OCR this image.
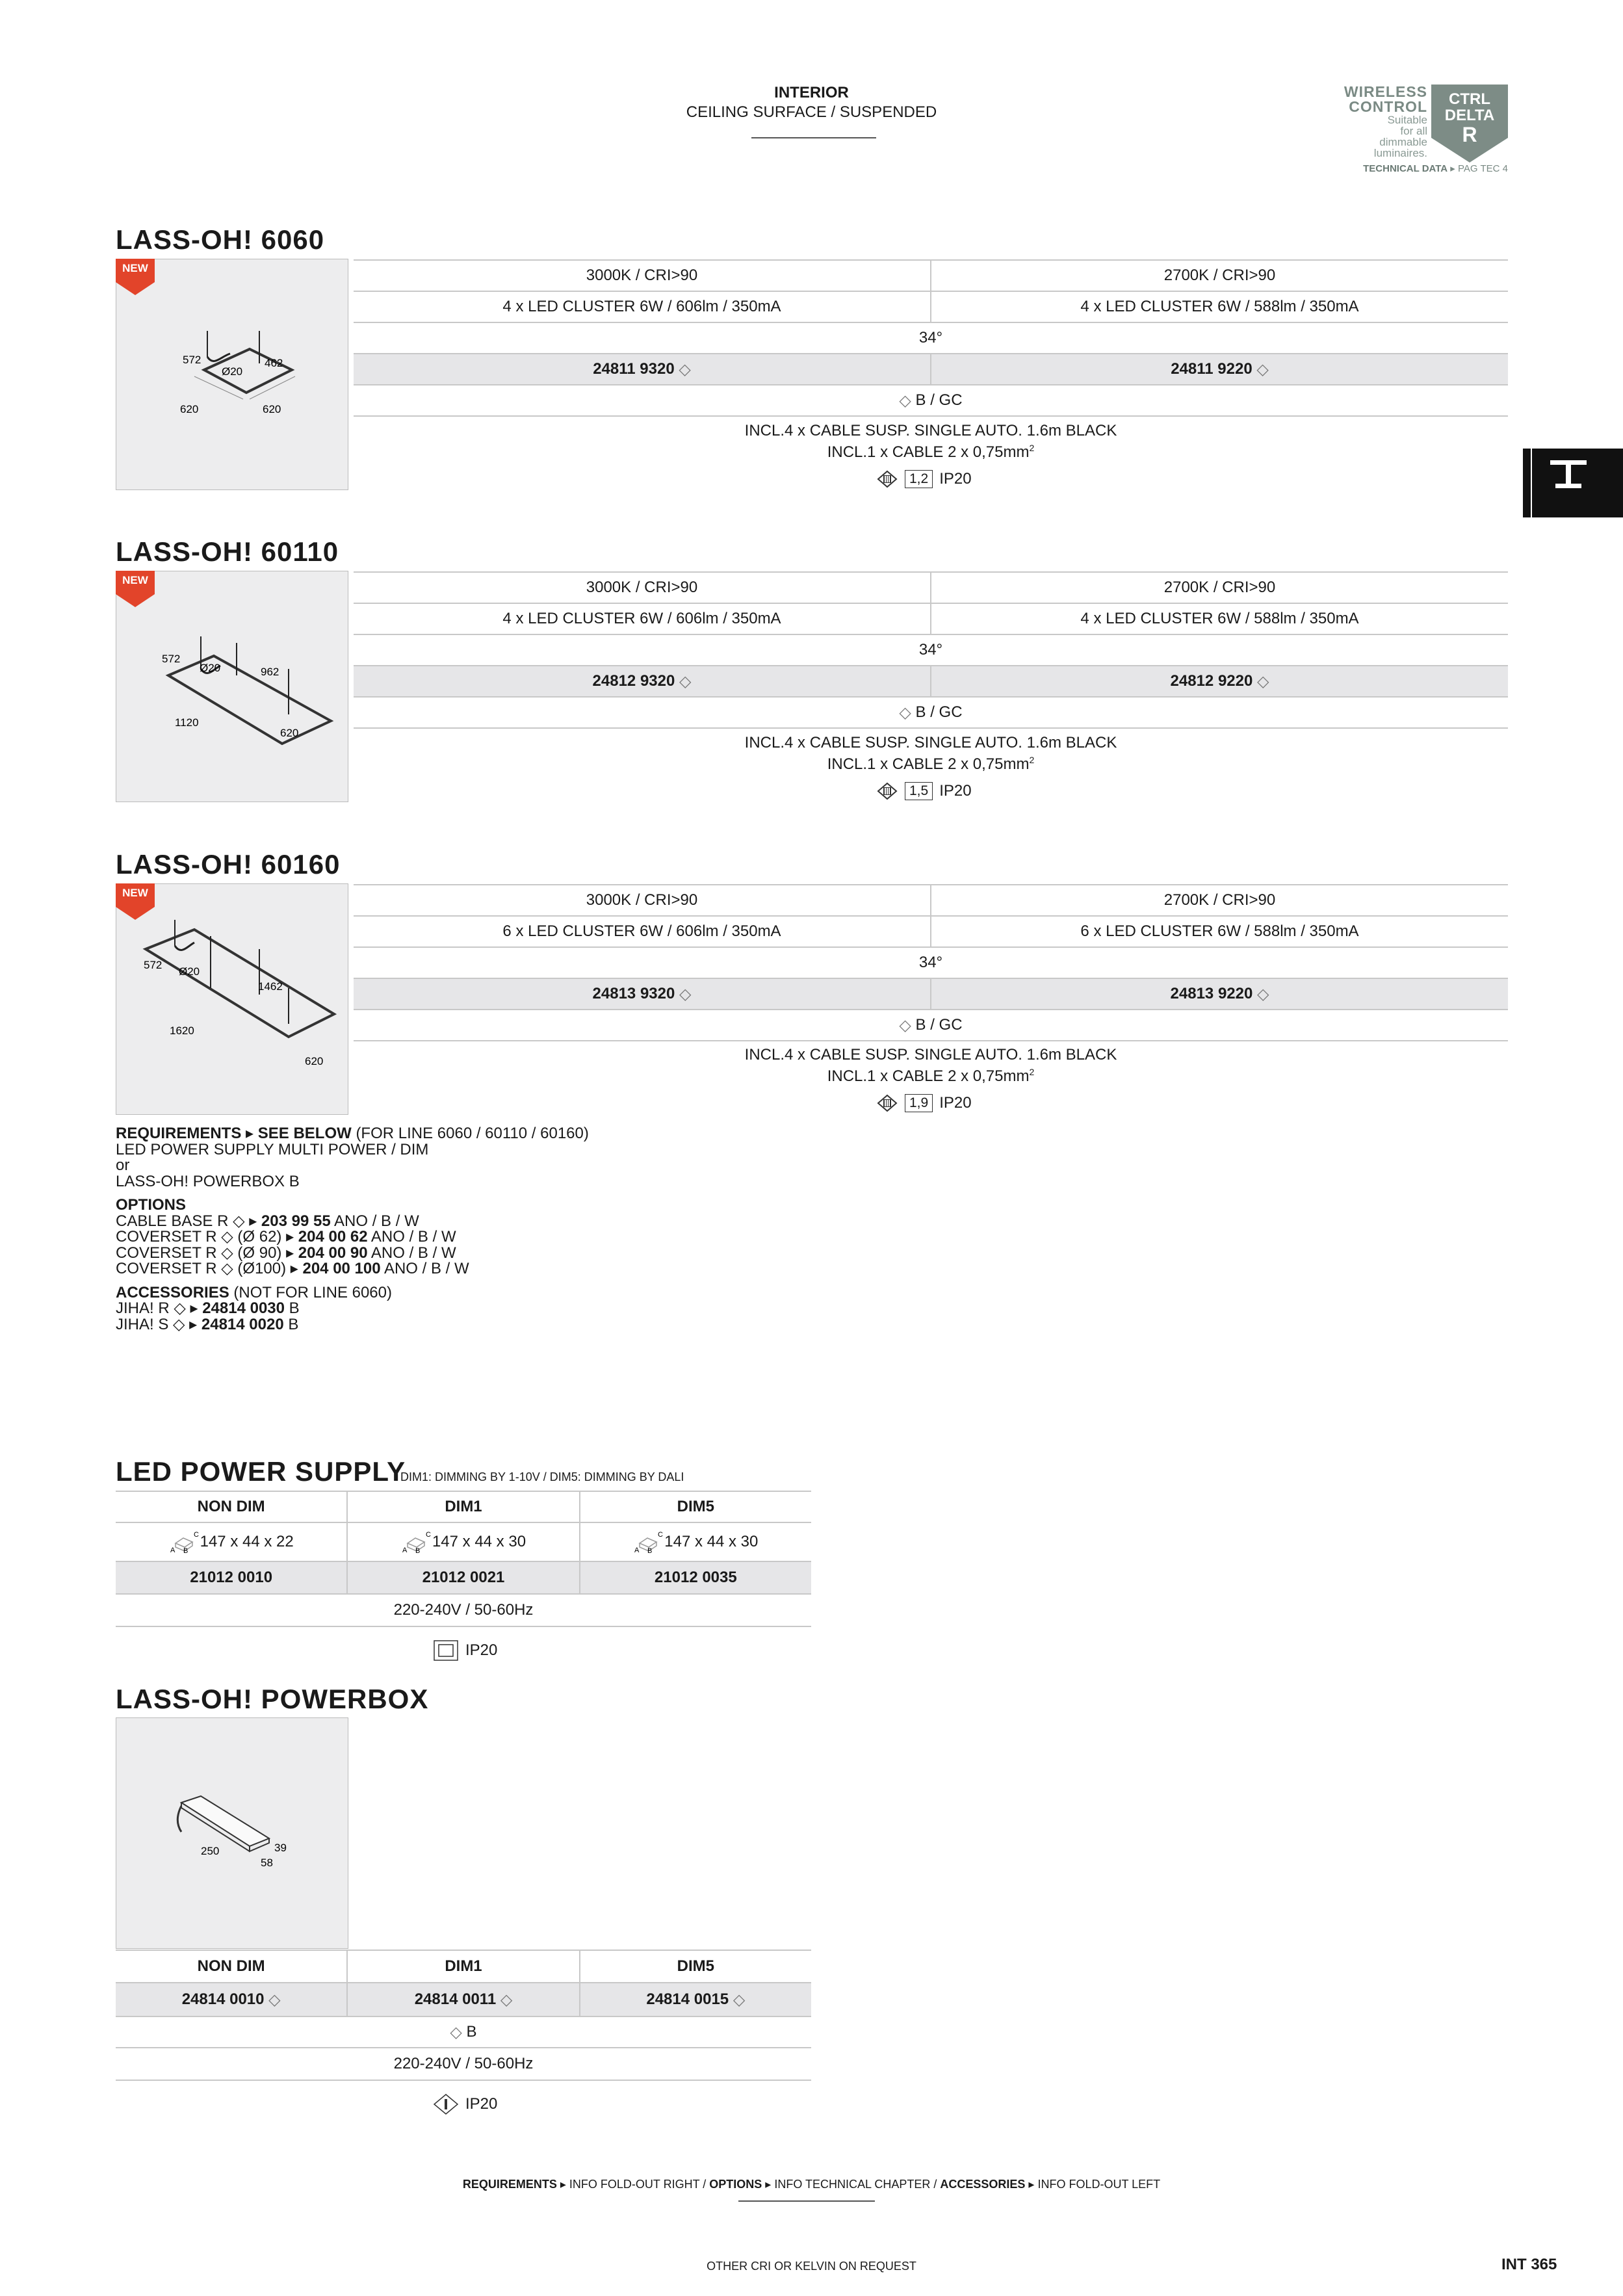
INTERIOR
CEILING SURFACE / SUSPENDED
WIRELESS
CONTROL
Suitable
for all
dimmable
luminaires.
CTRL
DELTA
R
TECHNICAL DATA ▸ PAG TEC 4
LASS-OH! 6060
572	462
Ø20
620	620
NEW	3000K / CRI>90	2700K / CRI>90
4 x LED CLUSTER 6W / 606lm / 350mA	4 x LED CLUSTER 6W / 588lm / 350mA
34°
24811 9320 ◇	24811 9220 ◇
◇ B / GC
INCL.4 x CABLE SUSP. SINGLE AUTO. 1.6m BLACK
INCL.1 x CABLE 2 x $0,75mm^2$
1,2 IP20
LASS-OH! 60110
572
962
Ø20
1120
620
NEW	3000K / CRI>90	2700K / CRI>90
4 x LED CLUSTER 6W / 606lm / 350mA	4 x LED CLUSTER 6W / 588lm / 350mA
34°
24812 9320 ◇	24812 9220 ◇
◇ B / GC
INCL.4 x CABLE SUSP. SINGLE AUTO. 1.6m BLACK
INCL.1 x CABLE 2 x $0,75mm^2$
1,5 IP20
LASS-OH! 60160
572
1462
Ø20
1620
620
NEW	3000K / CRI>90	2700K / CRI>90
6 x LED CLUSTER 6W / 606lm / 350mA	6 x LED CLUSTER 6W / 588lm / 350mA
34°
24813 9320 ◇	24813 9220 ◇
◇ B / GC
INCL.4 x CABLE SUSP. SINGLE AUTO. 1.6m BLACK
INCL.1 x CABLE 2 x $0,75mm^2$
1,9 IP20
REQUIREMENTS ▸ SEE BELOW (FOR LINE 6060 / 60110 / 60160)
LED POWER SUPPLY MULTI POWER / DIM
or
LASS-OH! POWERBOX B
OPTIONS
CABLE BASE R ◇ ▸ 203 99 55 ANO / B / W
COVERSET R ◇ (Ø 62) ▸ 204 00 62 ANO / B / W
COVERSET R ◇ (Ø 90) ▸ 204 00 90 ANO / B / W
COVERSET R ◇ (Ø100) ▸ 204 00 100 ANO / B / W
ACCESSORIES (NOT FOR LINE 6060)
JIHA! R ◇ ▸ 24814 0030 B
JIHA! S ◇ ▸ 24814 0020 B
LED POWER SUPPLY
DIM1: DIMMING BY 1-10V / DIM5: DIMMING BY DALI
NON DIM	DIM1	DIM5
C
A B
147 x 44 x 22	C
A B
147 x 44 x 30	C
A B
147 x 44 x 30
21012 0010	21012 0021	21012 0035
220-240V / 50-60Hz
IP20
LASS-OH! POWERBOX
250	39
58
NON DIM	DIM1	DIM5
24814 0010 ◇	24814 0011 ◇	24814 0015 ◇
◇ B
220-240V / 50-60Hz
IP20
REQUIREMENTS ▸ INFO FOLD-OUT RIGHT / OPTIONS ▸ INFO TECHNICAL CHAPTER / ACCESSORIES ▸ INFO FOLD-OUT LEFT
OTHER CRI OR KELVIN ON REQUEST	INT 365
